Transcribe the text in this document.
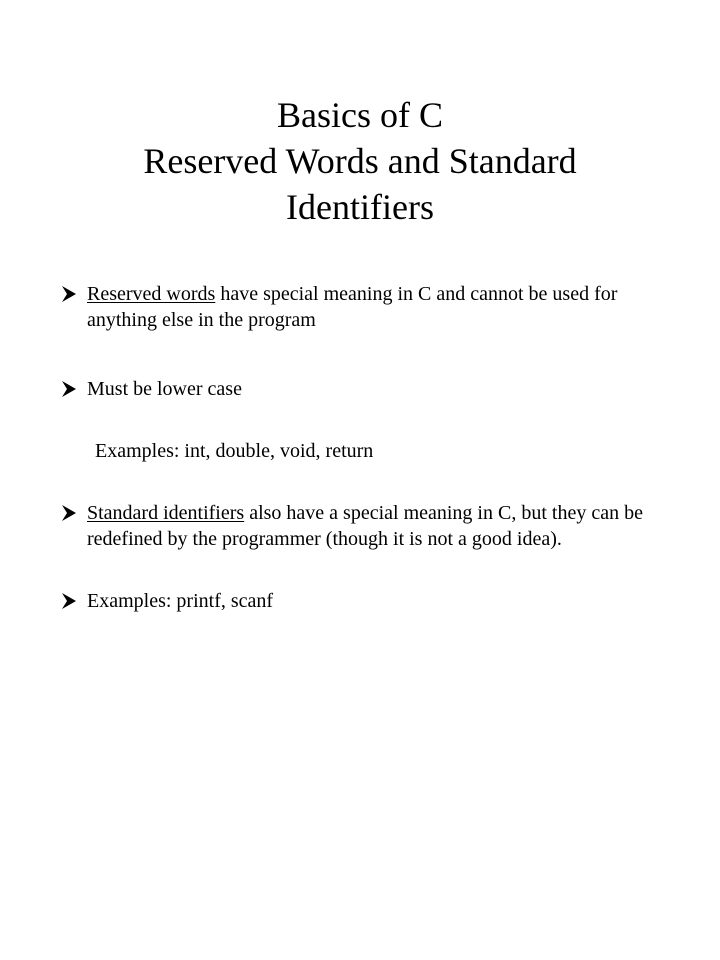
Basics of C
Reserved Words and Standard
Identifiers

Reserved words have special meaning in C and cannot be used for anything else in the program

Must be lower case

Examples: int, double, void, return

Standard identifiers also have a special meaning in C, but they can be redefined by the programmer (though it is not a good idea).

Examples: printf, scanf
